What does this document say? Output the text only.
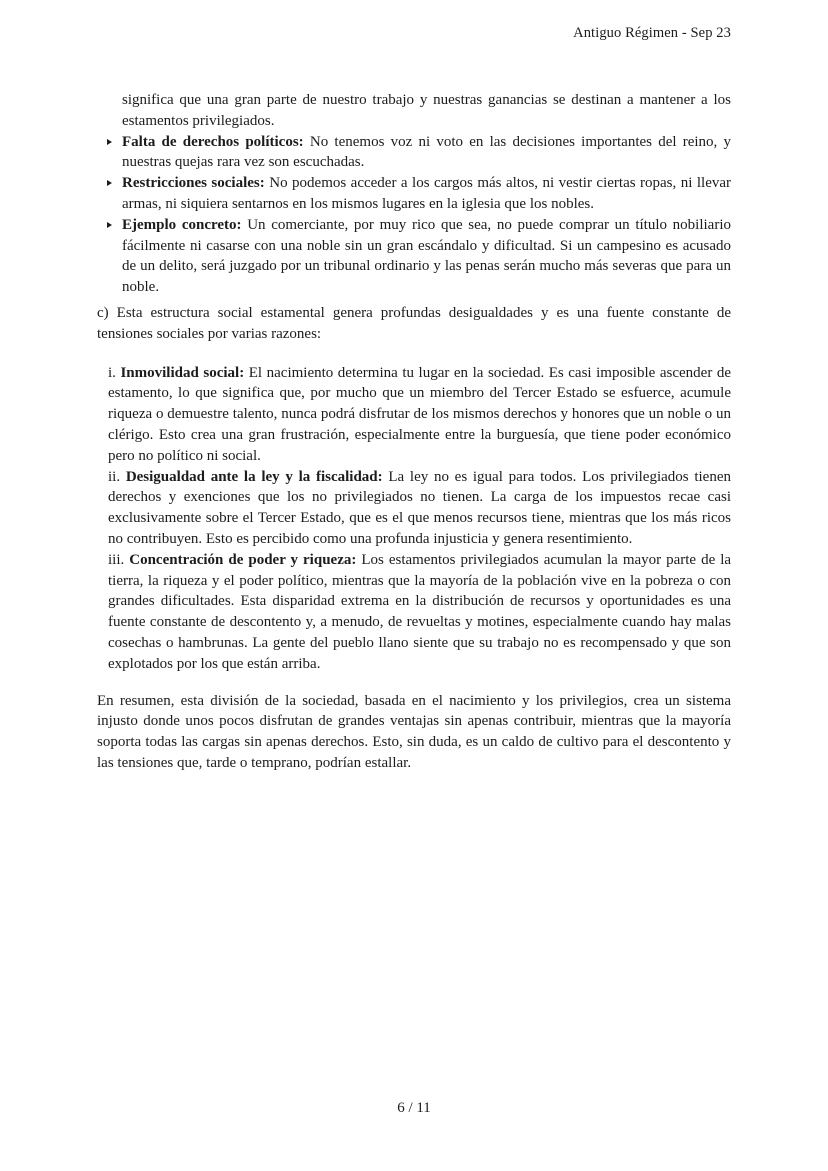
Antiguo Régimen - Sep 23
significa que una gran parte de nuestro trabajo y nuestras ganancias se destinan a mantener a los estamentos privilegiados.
Falta de derechos políticos: No tenemos voz ni voto en las decisiones importantes del reino, y nuestras quejas rara vez son escuchadas.
Restricciones sociales: No podemos acceder a los cargos más altos, ni vestir ciertas ropas, ni llevar armas, ni siquiera sentarnos en los mismos lugares en la iglesia que los nobles.
Ejemplo concreto: Un comerciante, por muy rico que sea, no puede comprar un título nobiliario fácilmente ni casarse con una noble sin un gran escándalo y dificultad. Si un campesino es acusado de un delito, será juzgado por un tribunal ordinario y las penas serán mucho más severas que para un noble.
c) Esta estructura social estamental genera profundas desigualdades y es una fuente constante de tensiones sociales por varias razones:
i. Inmovilidad social: El nacimiento determina tu lugar en la sociedad. Es casi imposible ascender de estamento, lo que significa que, por mucho que un miembro del Tercer Estado se esfuerce, acumule riqueza o demuestre talento, nunca podrá disfrutar de los mismos derechos y honores que un noble o un clérigo. Esto crea una gran frustración, especialmente entre la burguesía, que tiene poder económico pero no político ni social.
ii. Desigualdad ante la ley y la fiscalidad: La ley no es igual para todos. Los privilegiados tienen derechos y exenciones que los no privilegiados no tienen. La carga de los impuestos recae casi exclusivamente sobre el Tercer Estado, que es el que menos recursos tiene, mientras que los más ricos no contribuyen. Esto es percibido como una profunda injusticia y genera resentimiento.
iii. Concentración de poder y riqueza: Los estamentos privilegiados acumulan la mayor parte de la tierra, la riqueza y el poder político, mientras que la mayoría de la población vive en la pobreza o con grandes dificultades. Esta disparidad extrema en la distribución de recursos y oportunidades es una fuente constante de descontento y, a menudo, de revueltas y motines, especialmente cuando hay malas cosechas o hambrunas. La gente del pueblo llano siente que su trabajo no es recompensado y que son explotados por los que están arriba.
En resumen, esta división de la sociedad, basada en el nacimiento y los privilegios, crea un sistema injusto donde unos pocos disfrutan de grandes ventajas sin apenas contribuir, mientras que la mayoría soporta todas las cargas sin apenas derechos. Esto, sin duda, es un caldo de cultivo para el descontento y las tensiones que, tarde o temprano, podrían estallar.
6 / 11
